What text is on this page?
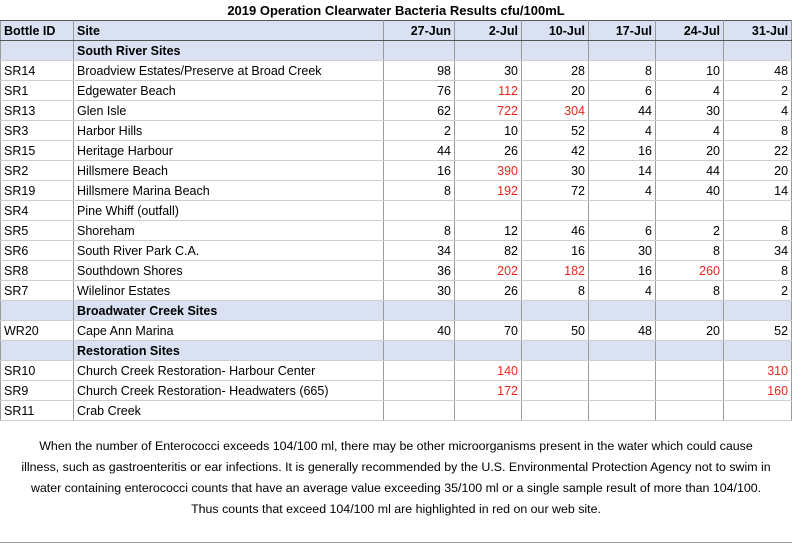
2019 Operation Clearwater Bacteria Results cfu/100mL							
Bottle ID	Site	27-Jun	2-Jul	10-Jul	17-Jul	24-Jul	31-Jul
	South River Sites						
SR14	Broadview Estates/Preserve at Broad Creek	98	30	28	8	10	48
SR1	Edgewater Beach	76	112	20	6	4	2
SR13	Glen Isle	62	722	304	44	30	4
SR3	Harbor Hills	2	10	52	4	4	8
SR15	Heritage Harbour	44	26	42	16	20	22
SR2	Hillsmere Beach	16	390	30	14	44	20
SR19	Hillsmere Marina Beach	8	192	72	4	40	14
SR4	Pine Whiff (outfall)						
SR5	Shoreham	8	12	46	6	2	8
SR6	South River Park C.A.	34	82	16	30	8	34
SR8	Southdown Shores	36	202	182	16	260	8
SR7	Wilelinor Estates	30	26	8	4	8	2
	Broadwater Creek Sites						
WR20	Cape Ann Marina	40	70	50	48	20	52
	Restoration Sites						
SR10	Church Creek Restoration- Harbour Center		140				310
SR9	Church Creek Restoration- Headwaters (665)		172				160
SR11	Crab Creek						
When the number of Enterococci exceeds 104/100 ml, there may be other microorganisms present in the water which could cause
illness, such as gastroenteritis or ear infections. It is generally recommended by the U.S. Environmental Protection Agency not to swim in
water containing enterococci counts that have an average value exceeding 35/100 ml or a single sample result of more than 104/100.
Thus counts that exceed 104/100 ml are highlighted in red on our web site.
